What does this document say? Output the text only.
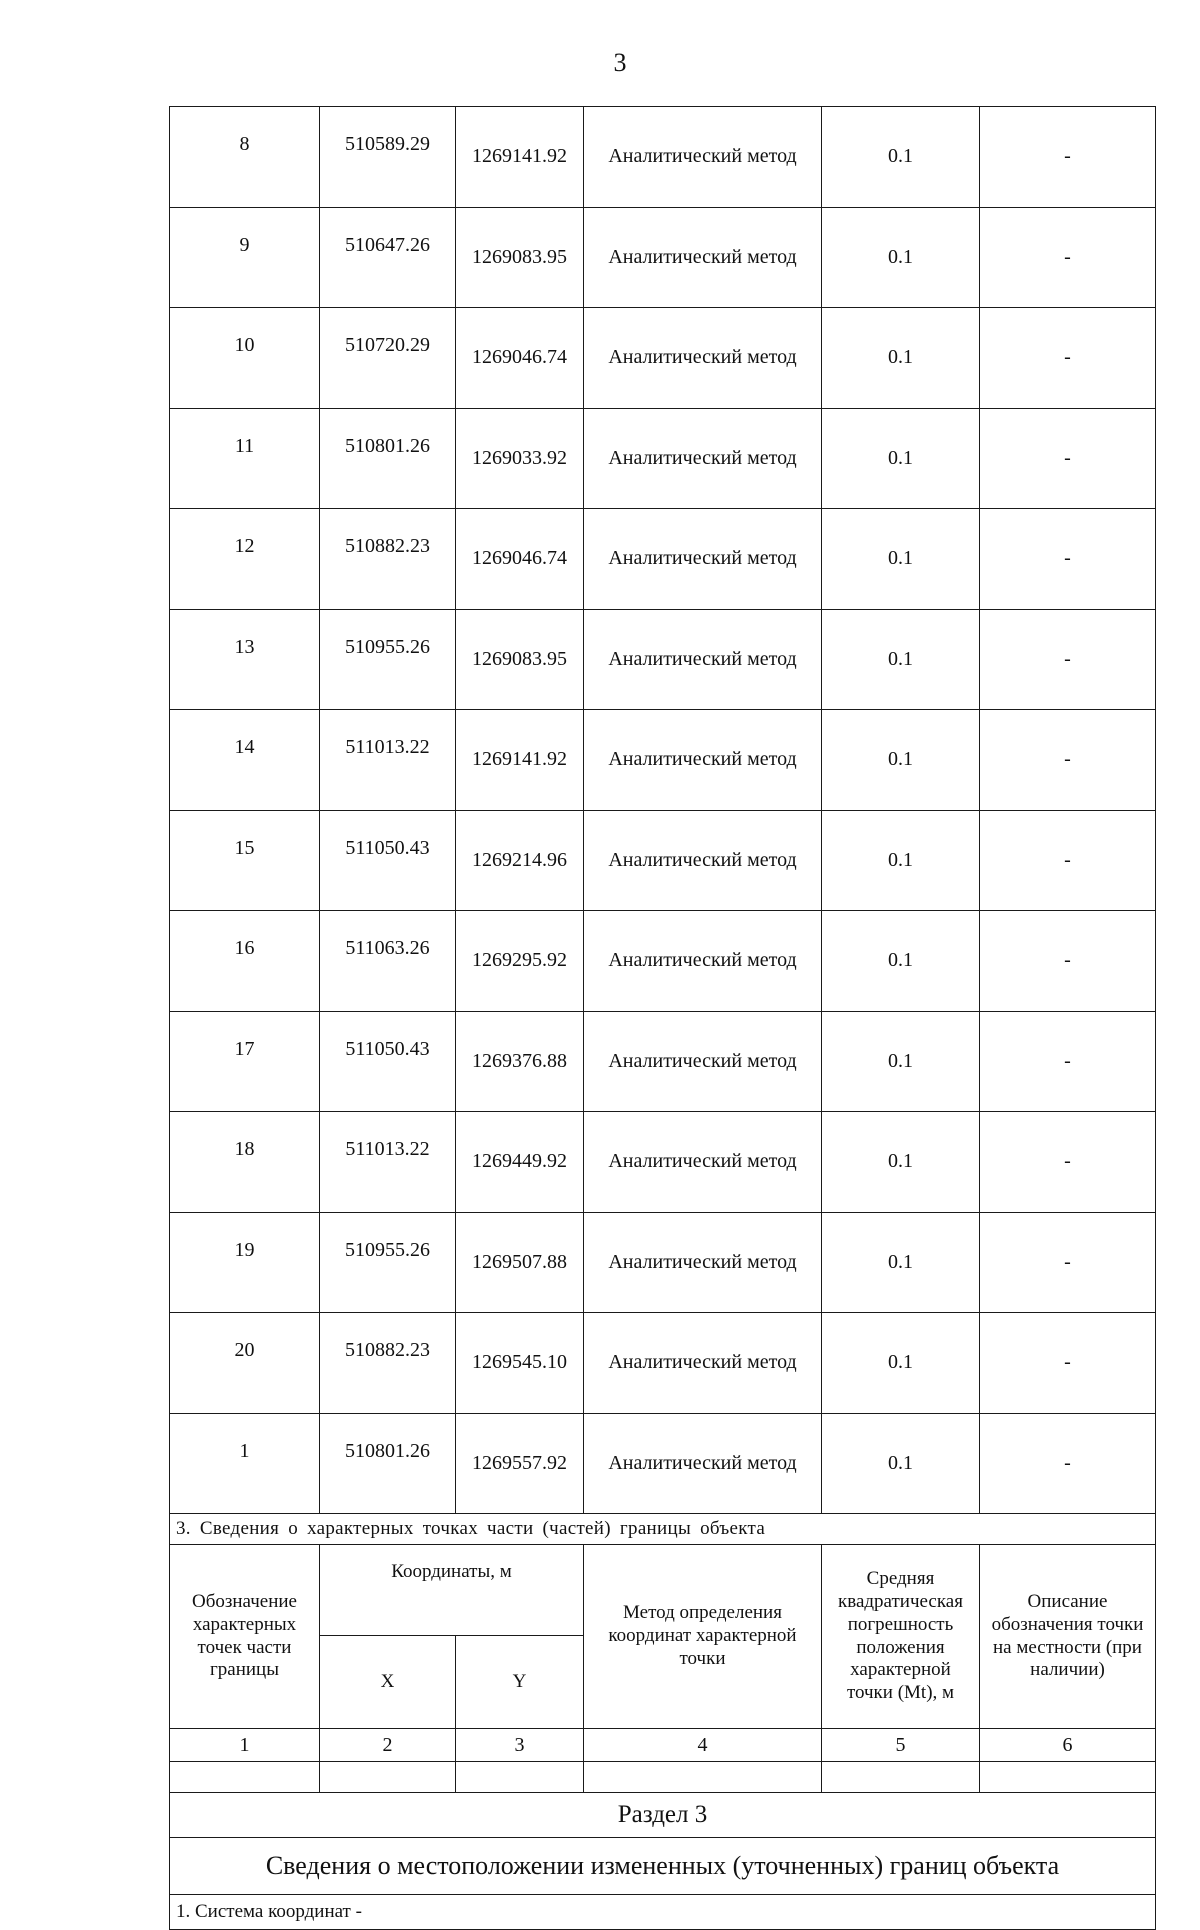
3
8	510589.29	1269141.92	Аналитический метод	0.1	-
9	510647.26	1269083.95	Аналитический метод	0.1	-
10	510720.29	1269046.74	Аналитический метод	0.1	-
11	510801.26	1269033.92	Аналитический метод	0.1	-
12	510882.23	1269046.74	Аналитический метод	0.1	-
13	510955.26	1269083.95	Аналитический метод	0.1	-
14	511013.22	1269141.92	Аналитический метод	0.1	-
15	511050.43	1269214.96	Аналитический метод	0.1	-
16	511063.26	1269295.92	Аналитический метод	0.1	-
17	511050.43	1269376.88	Аналитический метод	0.1	-
18	511013.22	1269449.92	Аналитический метод	0.1	-
19	510955.26	1269507.88	Аналитический метод	0.1	-
20	510882.23	1269545.10	Аналитический метод	0.1	-
1	510801.26	1269557.92	Аналитический метод	0.1	-
3. Сведения о характерных точках части (частей) границы объекта					
Обозначение характерных точек части границы	Координаты, м		Метод определения координат характерной точки	Средняя квадратическая погрешность положения характерной точки (Mt), м	Описание обозначения точки на местности (при наличии)
	X	Y			
1	2	3	4	5	6

Раздел 3					
Сведения о местоположении измененных (уточненных) границ объекта					
1. Система координат -					
